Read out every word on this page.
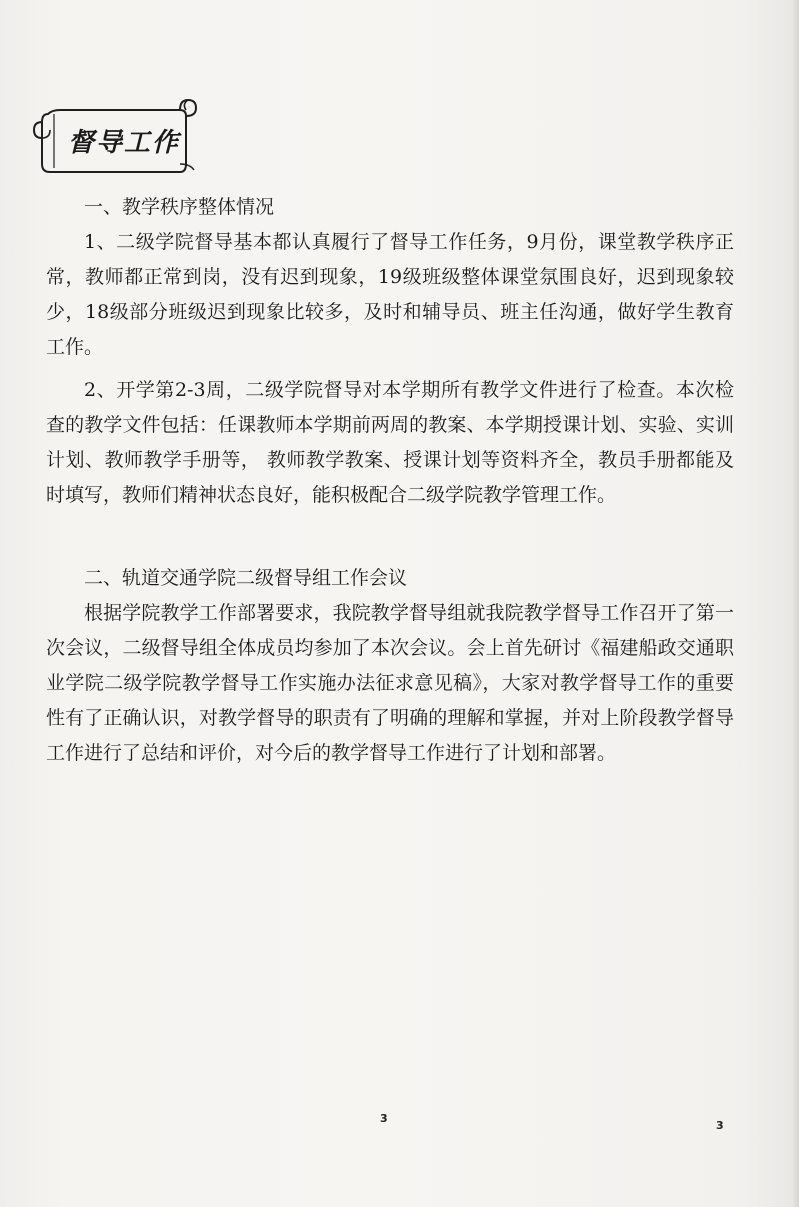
督导工作

一、教学秩序整体情况

1、二级学院督导基本都认真履行了督导工作任务，9月份，课堂教学秩序正常，教师都正常到岗，没有迟到现象，19级班级整体课堂氛围良好，迟到现象较少，18级部分班级迟到现象比较多，及时和辅导员、班主任沟通，做好学生教育工作。

2、开学第2-3周，二级学院督导对本学期所有教学文件进行了检查。本次检查的教学文件包括：任课教师本学期前两周的教案、本学期授课计划、实验、实训计划、教师教学手册等， 教师教学教案、授课计划等资料齐全，教员手册都能及时填写，教师们精神状态良好，能积极配合二级学院教学管理工作。

二、轨道交通学院二级督导组工作会议

根据学院教学工作部署要求，我院教学督导组就我院教学督导工作召开了第一次会议，二级督导组全体成员均参加了本次会议。会上首先研讨《福建船政交通职业学院二级学院教学督导工作实施办法征求意见稿》，大家对教学督导工作的重要性有了正确认识，对教学督导的职责有了明确的理解和掌握，并对上阶段教学督导工作进行了总结和评价，对今后的教学督导工作进行了计划和部署。

3
3
